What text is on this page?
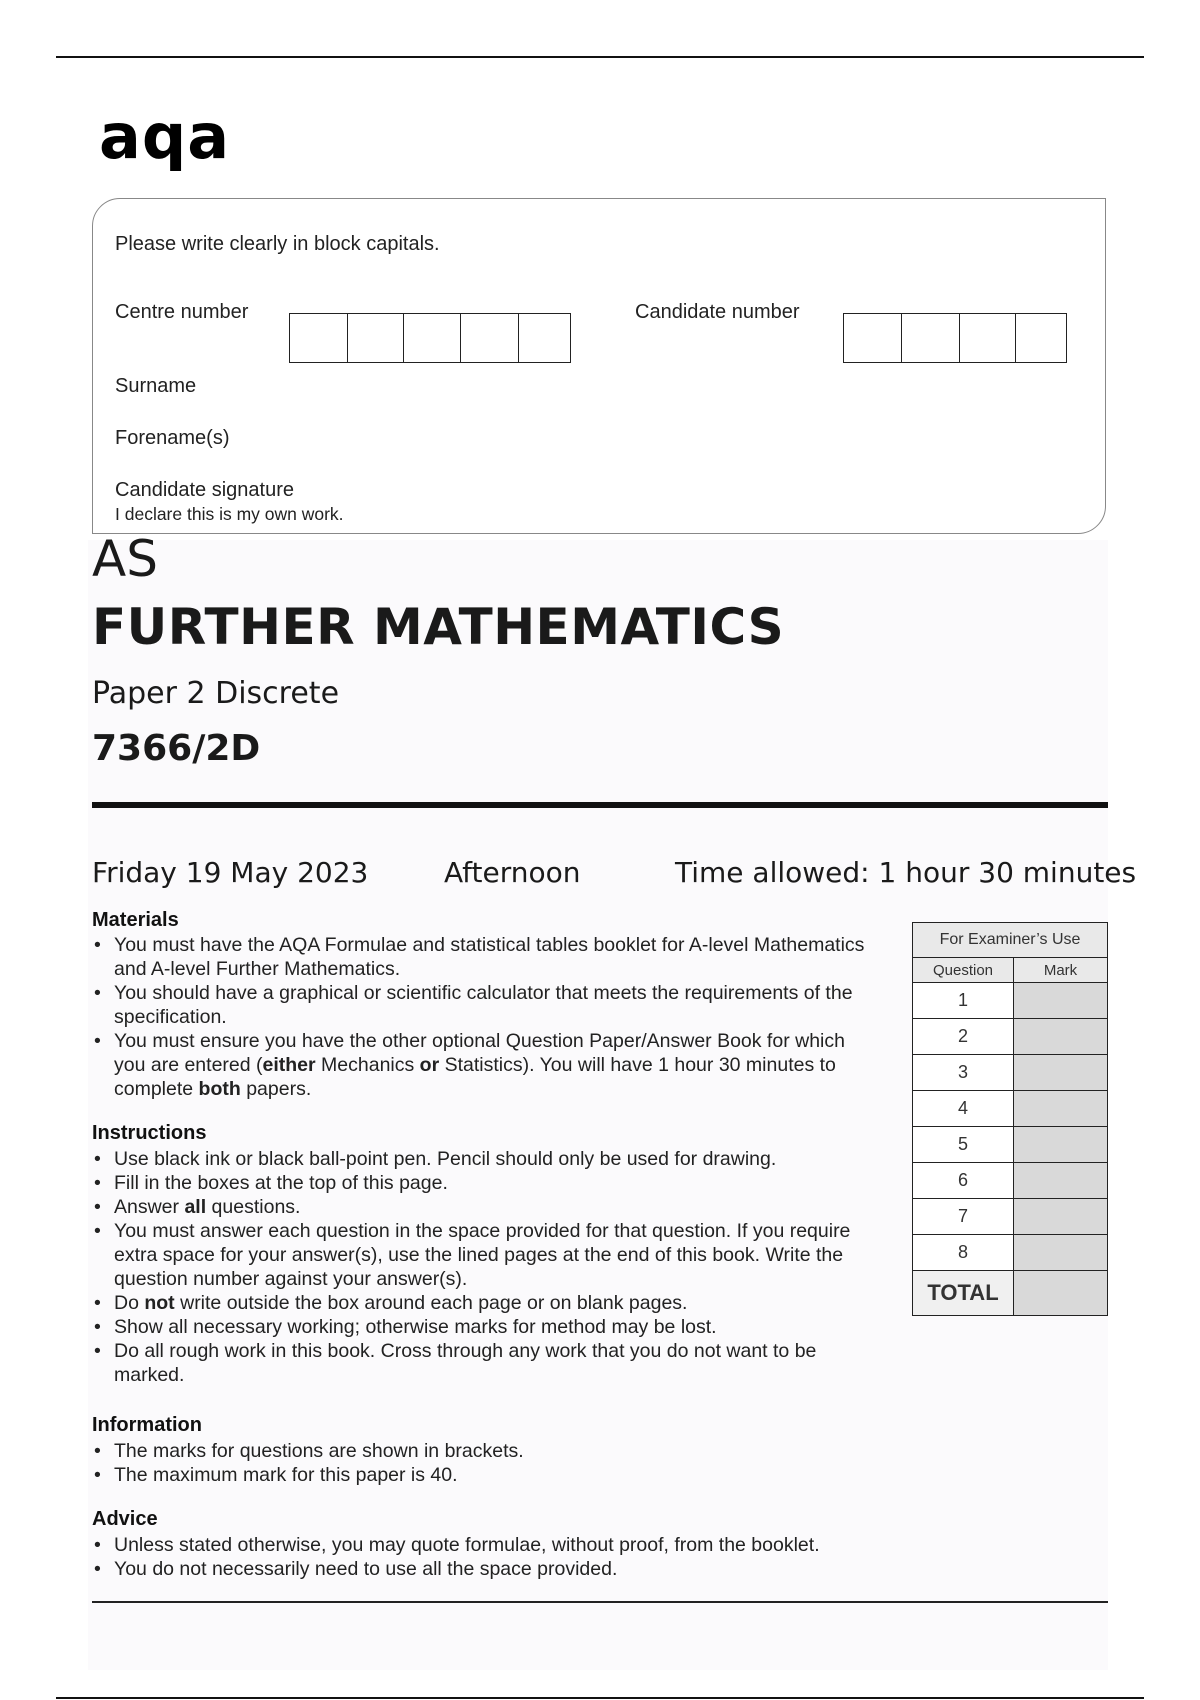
aqa
Please write clearly in block capitals.
Centre number	Candidate number
Surname
Forename(s)
Candidate signature
I declare this is my own work.
AS
FURTHER MATHEMATICS
Paper 2 Discrete
7366/2D
Friday 19 May 2023	Afternoon	Time allowed: 1 hour 30 minutes
Materials
• You must have the AQA Formulae and statistical tables booklet for A-level Mathematics and A-level Further Mathematics.
• You should have a graphical or scientific calculator that meets the requirements of the specification.
• You must ensure you have the other optional Question Paper/Answer Book for which you are entered (either Mechanics or Statistics). You will have 1 hour 30 minutes to complete both papers.
Instructions
• Use black ink or black ball-point pen. Pencil should only be used for drawing.
• Fill in the boxes at the top of this page.
• Answer all questions.
• You must answer each question in the space provided for that question. If you require extra space for your answer(s), use the lined pages at the end of this book. Write the question number against your answer(s).
• Do not write outside the box around each page or on blank pages.
• Show all necessary working; otherwise marks for method may be lost.
• Do all rough work in this book. Cross through any work that you do not want to be marked.
Information
• The marks for questions are shown in brackets.
• The maximum mark for this paper is 40.
Advice
• Unless stated otherwise, you may quote formulae, without proof, from the booklet.
• You do not necessarily need to use all the space provided.
For Examiner’s Use	
Question	Mark
1	
2	
3	
4	
5	
6	
7	
8	
TOTAL	
